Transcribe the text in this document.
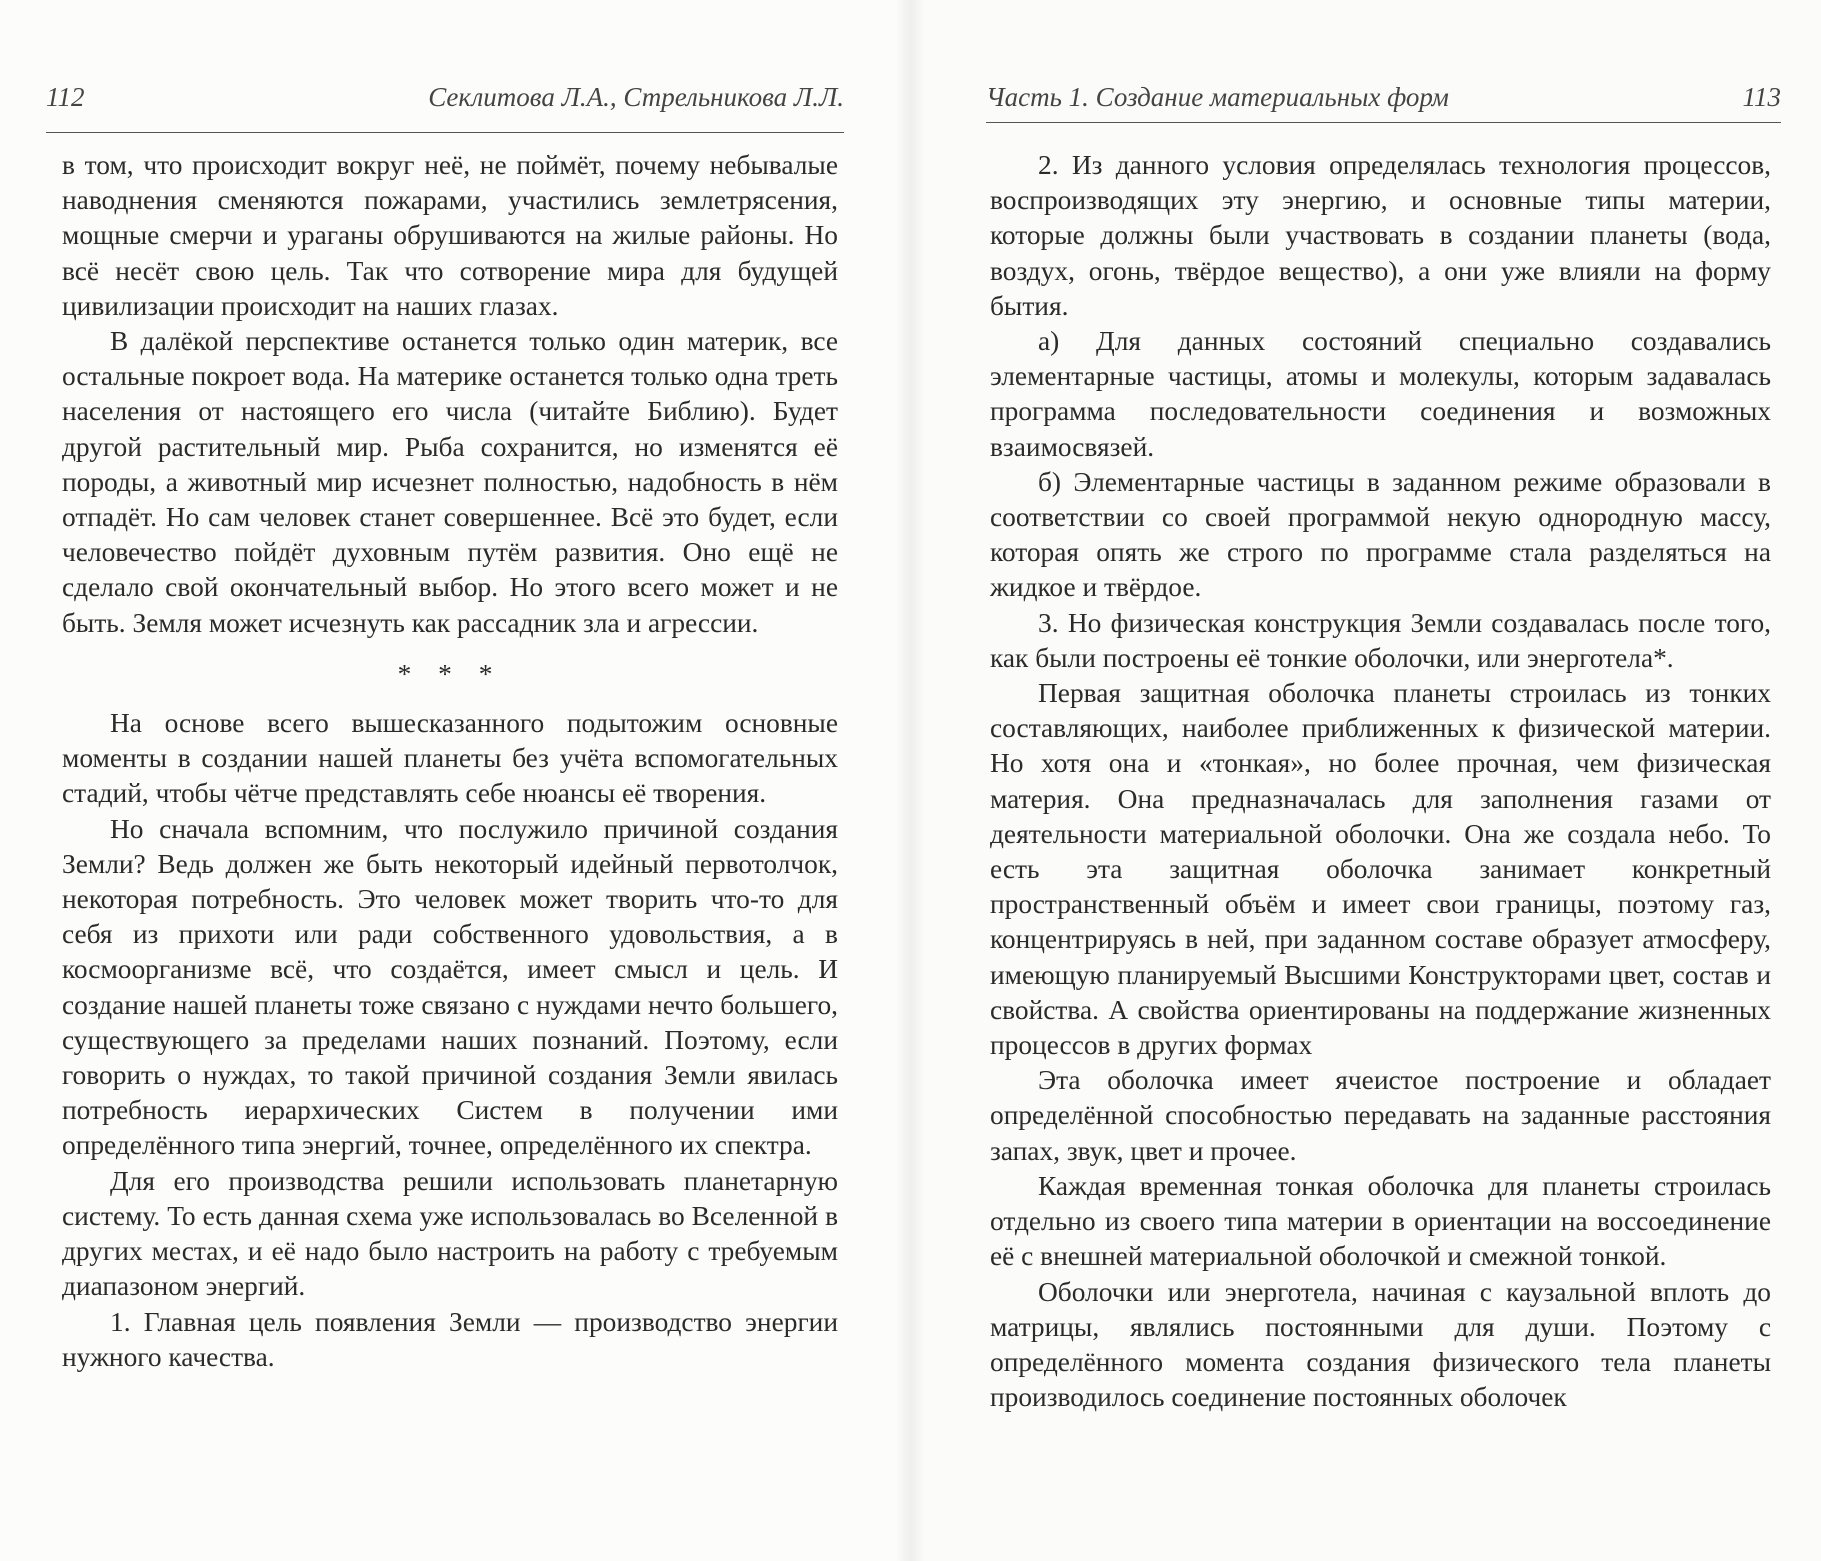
112	Секлитова Л.А., Стрельникова Л.Л.

в том, что происходит вокруг неё, не поймёт, почему небывалые наводнения сменяются пожарами, участились землетрясения, мощные смерчи и ураганы обрушиваются на жилые районы. Но всё несёт свою цель. Так что сотворение мира для будущей цивилизации происходит на наших глазах.

В далёкой перспективе останется только один материк, все остальные покроет вода. На материке останется только одна треть населения от настоящего его числа (читайте Библию). Будет другой растительный мир. Рыба сохранится, но изменятся её породы, а животный мир исчезнет полностью, надобность в нём отпадёт. Но сам человек станет совершеннее. Всё это будет, если человечество пойдёт духовным путём развития. Оно ещё не сделало свой окончательный выбор. Но этого всего может и не быть. Земля может исчезнуть как рассадник зла и агрессии.

* * *

На основе всего вышесказанного подытожим основные моменты в создании нашей планеты без учёта вспомогательных стадий, чтобы чётче представлять себе нюансы её творения.

Но сначала вспомним, что послужило причиной создания Земли? Ведь должен же быть некоторый идейный первотолчок, некоторая потребность. Это человек может творить что-то для себя из прихоти или ради собственного удовольствия, а в космоорганизме всё, что создаётся, имеет смысл и цель. И создание нашей планеты тоже связано с нуждами нечто большего, существующего за пределами наших познаний. Поэтому, если говорить о нуждах, то такой причиной создания Земли явилась потребность иерархических Систем в получении ими определённого типа энергий, точнее, определённого их спектра.

Для его производства решили использовать планетарную систему. То есть данная схема уже использовалась во Вселенной в других местах, и её надо было настроить на работу с требуемым диапазоном энергий.

1. Главная цель появления Земли — производство энергии нужного качества.

Часть 1. Создание материальных форм	113

2. Из данного условия определялась технология процессов, воспроизводящих эту энергию, и основные типы материи, которые должны были участвовать в создании планеты (вода, воздух, огонь, твёрдое вещество), а они уже влияли на форму бытия.

а) Для данных состояний специально создавались элементарные частицы, атомы и молекулы, которым задавалась программа последовательности соединения и возможных взаимосвязей.

б) Элементарные частицы в заданном режиме образовали в соответствии со своей программой некую однородную массу, которая опять же строго по программе стала разделяться на жидкое и твёрдое.

3. Но физическая конструкция Земли создавалась после того, как были построены её тонкие оболочки, или энерготела*.

Первая защитная оболочка планеты строилась из тонких составляющих, наиболее приближенных к физической материи. Но хотя она и «тонкая», но более прочная, чем физическая материя. Она предназначалась для заполнения газами от деятельности материальной оболочки. Она же создала небо. То есть эта защитная оболочка занимает конкретный пространственный объём и имеет свои границы, поэтому газ, концентрируясь в ней, при заданном составе образует атмосферу, имеющую планируемый Высшими Конструкторами цвет, состав и свойства. А свойства ориентированы на поддержание жизненных процессов в других формах

Эта оболочка имеет ячеистое построение и обладает определённой способностью передавать на заданные расстояния запах, звук, цвет и прочее.

Каждая временная тонкая оболочка для планеты строилась отдельно из своего типа материи в ориентации на воссоединение её с внешней материальной оболочкой и смежной тонкой.

Оболочки или энерготела, начиная с каузальной вплоть до матрицы, являлись постоянными для души. Поэтому с определённого момента создания физического тела планеты производилось соединение постоянных оболочек
